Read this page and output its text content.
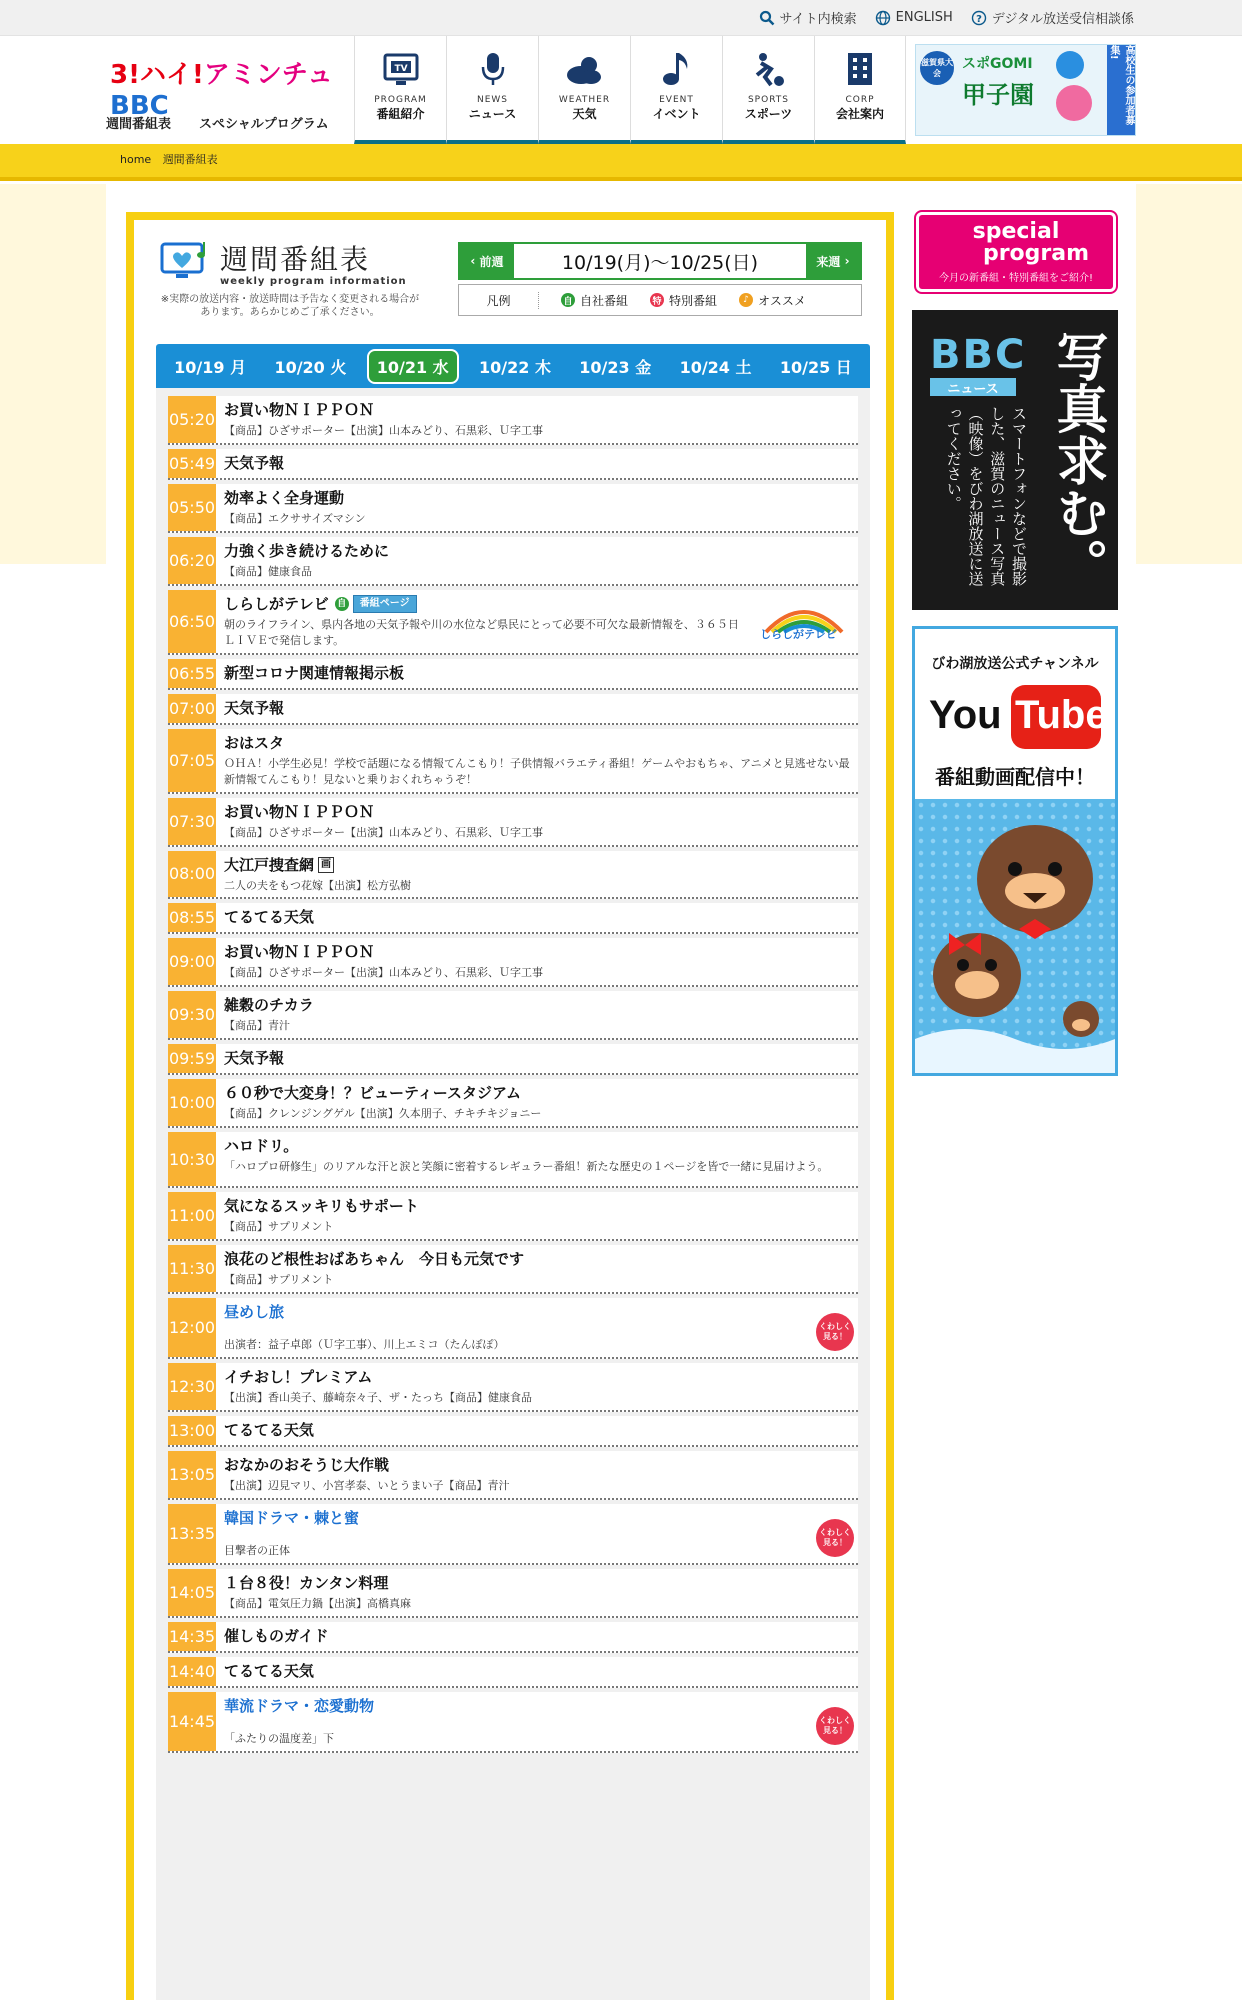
サイト内検索	ENGLISH ? デジタル放送受信相談係
3!ハイ!アミンチュBBC
週間番組表 スペシャルプログラム
TV
PROGRAM
番組紹介
NEWS
ニュース
WEATHER
天気
EVENT
イベント
SPORTS
スポーツ
CORP
会社案内
滋賀県大会
スポGOMI
甲子園	高校生の参加者募集!
home 週間番組表
週間番組表
weekly program information
※実際の放送内容・放送時間は予告なく変更される場合があります。あらかじめご了承ください。
‹ 前週	10/19(月)～10/25(日)	来週 ›
凡例	自 自社番組	特 特別番組	♪ オススメ
10/19 月	10/20 火	10/21 水	10/22 木	10/23 金	10/24 土	10/25 日
05:20 お買い物ＮＩＰＰＯＮ
【商品】ひざサポーター【出演】山本みどり、石黒彩、Ｕ字工事
05:49 天気予報
05:50 効率よく全身運動
【商品】エクササイズマシン
06:20 力強く歩き続けるために
【商品】健康食品
06:50
しらしがテレビ 自 番組ページ
朝のライフライン、県内各地の天気予報や川の水位など県民にとって必要不可欠な最新情報を、３６５日ＬＩＶＥで発信します。	しらしがテレビ
06:55 新型コロナ関連情報掲示板
07:00 天気予報
07:05
おはスタ
ＯＨＡ！小学生必見！学校で話題になる情報てんこもり！子供情報バラエティ番組！ゲームやおもちゃ、アニメと見逃せない最新情報てんこもり！見ないと乗りおくれちゃうぞ！
07:30 お買い物ＮＩＰＰＯＮ
【商品】ひざサポーター【出演】山本みどり、石黒彩、Ｕ字工事
08:00 大江戸捜査網 画
二人の夫をもつ花嫁【出演】松方弘樹
08:55 てるてる天気
09:00 お買い物ＮＩＰＰＯＮ
【商品】ひざサポーター【出演】山本みどり、石黒彩、Ｕ字工事
09:30 雑穀のチカラ
【商品】青汁
09:59 天気予報
10:00 ６０秒で大変身！？ビューティースタジアム
【商品】クレンジングゲル【出演】久本朋子、チキチキジョニー
10:30
ハロドリ。
「ハロプロ研修生」のリアルな汗と涙と笑顔に密着するレギュラー番組！新たな歴史の１ページを皆で一緒に見届けよう。
11:00 気になるスッキリもサポート
【商品】サプリメント
11:30 浪花のど根性おばあちゃん　今日も元気です
【商品】サプリメント
12:00
昼めし旅
出演者：益子卓郎（Ｕ字工事）、川上エミコ（たんぽぽ）
くわしく見る！
12:30 イチおし！プレミアム
【出演】香山美子、藤崎奈々子、ザ・たっち【商品】健康食品
13:00 てるてる天気
13:05 おなかのおそうじ大作戦
【出演】辺見マリ、小宮孝泰、いとうまい子【商品】青汁
13:35
韓国ドラマ・棘と蜜
目撃者の正体
くわしく見る！
14:05 １台８役！カンタン料理
【商品】電気圧力鍋【出演】高橋真麻
14:35 催しものガイド
14:40 てるてる天気
14:45
華流ドラマ・恋愛動物
「ふたりの温度差」下
くわしく見る！
special
program
今月の新番組・特別番組をご紹介!
BBC
ニュース 写真求む。
スマートフォンなどで撮影した、滋賀のニュース写真（映像）をびわ湖放送に送ってください。
びわ湖放送公式チャンネル
You Tube
番組動画配信中！
